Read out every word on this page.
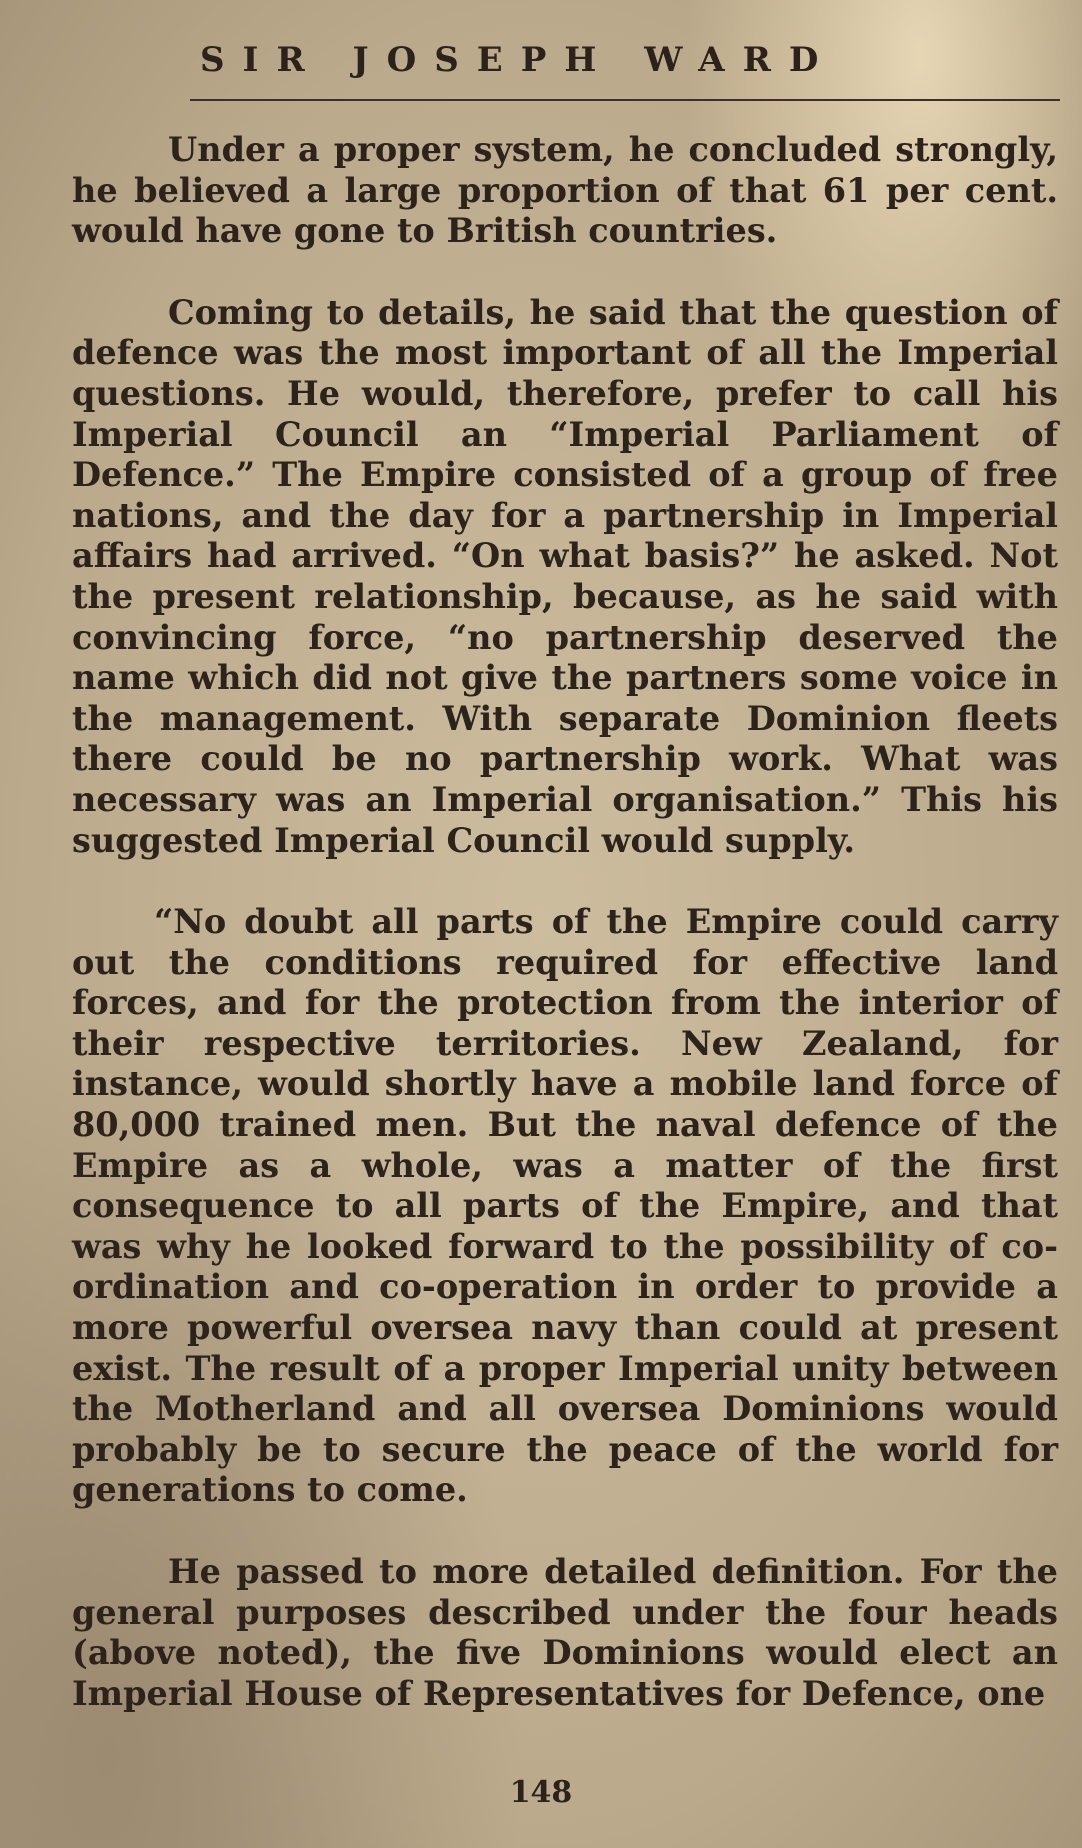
SIR JOSEPH WARD

Under a proper system, he concluded strongly, he believed a large proportion of that 61 per cent. would have gone to British countries.

Coming to details, he said that the question of defence was the most important of all the Imperial questions. He would, therefore, prefer to call his Imperial Council an “Imperial Parliament of Defence.” The Empire consisted of a group of free nations, and the day for a partnership in Imperial affairs had arrived. “On what basis?” he asked. Not the present relationship, because, as he said with convincing force, “no partnership deserved the name which did not give the partners some voice in the management. With separate Dominion fleets there could be no partnership work. What was necessary was an Imperial organisation.” This his suggested Imperial Council would supply.

“No doubt all parts of the Empire could carry out the conditions required for effective land forces, and for the protection from the interior of their respective territories. New Zealand, for instance, would shortly have a mobile land force of 80,000 trained men. But the naval defence of the Empire as a whole, was a matter of the first consequence to all parts of the Empire, and that was why he looked forward to the possibility of co-ordination and co-operation in order to provide a more powerful oversea navy than could at present exist. The result of a proper Imperial unity between the Motherland and all oversea Dominions would probably be to secure the peace of the world for generations to come.

He passed to more detailed definition. For the general purposes described under the four heads (above noted), the five Dominions would elect an Imperial House of Representatives for Defence, one

148
